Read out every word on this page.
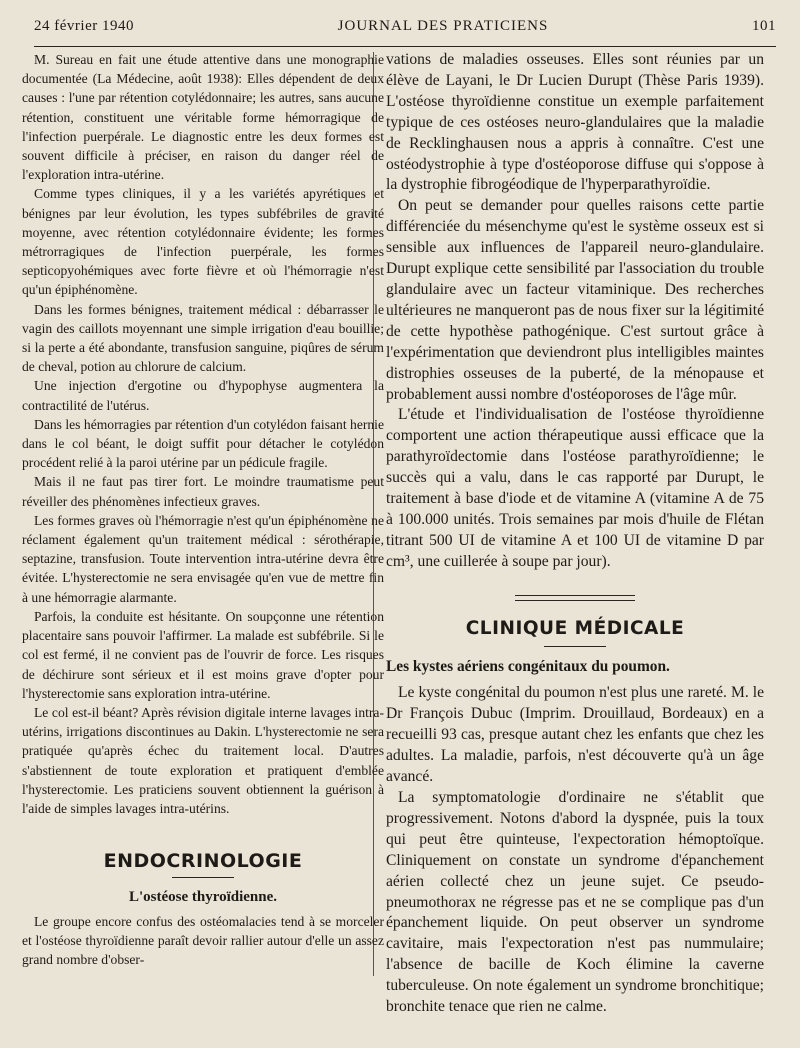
24 février 1940	JOURNAL DES PRATICIENS	101

M. Sureau en fait une étude attentive dans une monographie documentée (La Médecine, août 1938): Elles dépendent de deux causes : l'une par rétention cotylédonnaire; les autres, sans aucune rétention, constituent une véritable forme hémorragique de l'infection puerpérale. Le diagnostic entre les deux formes est souvent difficile à préciser, en raison du danger réel de l'exploration intra-utérine.

Comme types cliniques, il y a les variétés apyrétiques et bénignes par leur évolution, les types subfébriles de gravité moyenne, avec rétention cotylédonnaire évidente; les formes métrorragiques de l'infection puerpérale, les formes septicopyohémiques avec forte fièvre et où l'hémorragie n'est qu'un épiphénomène.

Dans les formes bénignes, traitement médical : débarrasser le vagin des caillots moyennant une simple irrigation d'eau bouillie; si la perte a été abondante, transfusion sanguine, piqûres de sérum de cheval, potion au chlorure de calcium.

Une injection d'ergotine ou d'hypophyse augmentera la contractilité de l'utérus.

Dans les hémorragies par rétention d'un cotylédon faisant hernie dans le col béant, le doigt suffit pour détacher le cotylédon procédent relié à la paroi utérine par un pédicule fragile.

Mais il ne faut pas tirer fort. Le moindre traumatisme peut réveiller des phénomènes infectieux graves.

Les formes graves où l'hémorragie n'est qu'un épiphénomène ne réclament également qu'un traitement médical : sérothérapie, septazine, transfusion. Toute intervention intra-utérine devra être évitée. L'hysterectomie ne sera envisagée qu'en vue de mettre fin à une hémorragie alarmante.

Parfois, la conduite est hésitante. On soupçonne une rétention placentaire sans pouvoir l'affirmer. La malade est subfébrile. Si le col est fermé, il ne convient pas de l'ouvrir de force. Les risques de déchirure sont sérieux et il est moins grave d'opter pour l'hysterectomie sans exploration intra-utérine.

Le col est-il béant? Après révision digitale interne lavages intra-utérins, irrigations discontinues au Dakin. L'hysterectomie ne sera pratiquée qu'après échec du traitement local. D'autres s'abstiennent de toute exploration et pratiquent d'emblée l'hysterectomie. Les praticiens souvent obtiennent la guérison à l'aide de simples lavages intra-utérins.

ENDOCRINOLOGIE
L'ostéose thyroïdienne.

Le groupe encore confus des ostéomalacies tend à se morceler et l'ostéose thyroïdienne paraît devoir rallier autour d'elle un assez grand nombre d'obser-

vations de maladies osseuses. Elles sont réunies par un élève de Layani, le Dr Lucien Durupt (Thèse Paris 1939). L'ostéose thyroïdienne constitue un exemple parfaitement typique de ces ostéoses neuro-glandulaires que la maladie de Recklinghausen nous a appris à connaître. C'est une ostéodystrophie à type d'ostéoporose diffuse qui s'oppose à la dystrophie fibrogéodique de l'hyperparathyroïdie.

On peut se demander pour quelles raisons cette partie différenciée du mésenchyme qu'est le système osseux est si sensible aux influences de l'appareil neuro-glandulaire. Durupt explique cette sensibilité par l'association du trouble glandulaire avec un facteur vitaminique. Des recherches ultérieures ne manqueront pas de nous fixer sur la légitimité de cette hypothèse pathogénique. C'est surtout grâce à l'expérimentation que deviendront plus intelligibles maintes distrophies osseuses de la puberté, de la ménopause et probablement aussi nombre d'ostéoporoses de l'âge mûr.

L'étude et l'individualisation de l'ostéose thyroïdienne comportent une action thérapeutique aussi efficace que la parathyroïdectomie dans l'ostéose parathyroïdienne; le succès qui a valu, dans le cas rapporté par Durupt, le traitement à base d'iode et de vitamine A (vitamine A de 75 à 100.000 unités. Trois semaines par mois d'huile de Flétan titrant 500 UI de vitamine A et 100 UI de vitamine D par cm³, une cuillerée à soupe par jour).

CLINIQUE MÉDICALE
Les kystes aériens congénitaux du poumon.

Le kyste congénital du poumon n'est plus une rareté. M. le Dr François Dubuc (Imprim. Drouillaud, Bordeaux) en a recueilli 93 cas, presque autant chez les enfants que chez les adultes. La maladie, parfois, n'est découverte qu'à un âge avancé.

La symptomatologie d'ordinaire ne s'établit que progressivement. Notons d'abord la dyspnée, puis la toux qui peut être quinteuse, l'expectoration hémoptoïque. Cliniquement on constate un syndrome d'épanchement aérien collecté chez un jeune sujet. Ce pseudo-pneumothorax ne régresse pas et ne se complique pas d'un épanchement liquide. On peut observer un syndrome cavitaire, mais l'expectoration n'est pas nummulaire; l'absence de bacille de Koch élimine la caverne tuberculeuse. On note également un syndrome bronchitique; bronchite tenace que rien ne calme.
